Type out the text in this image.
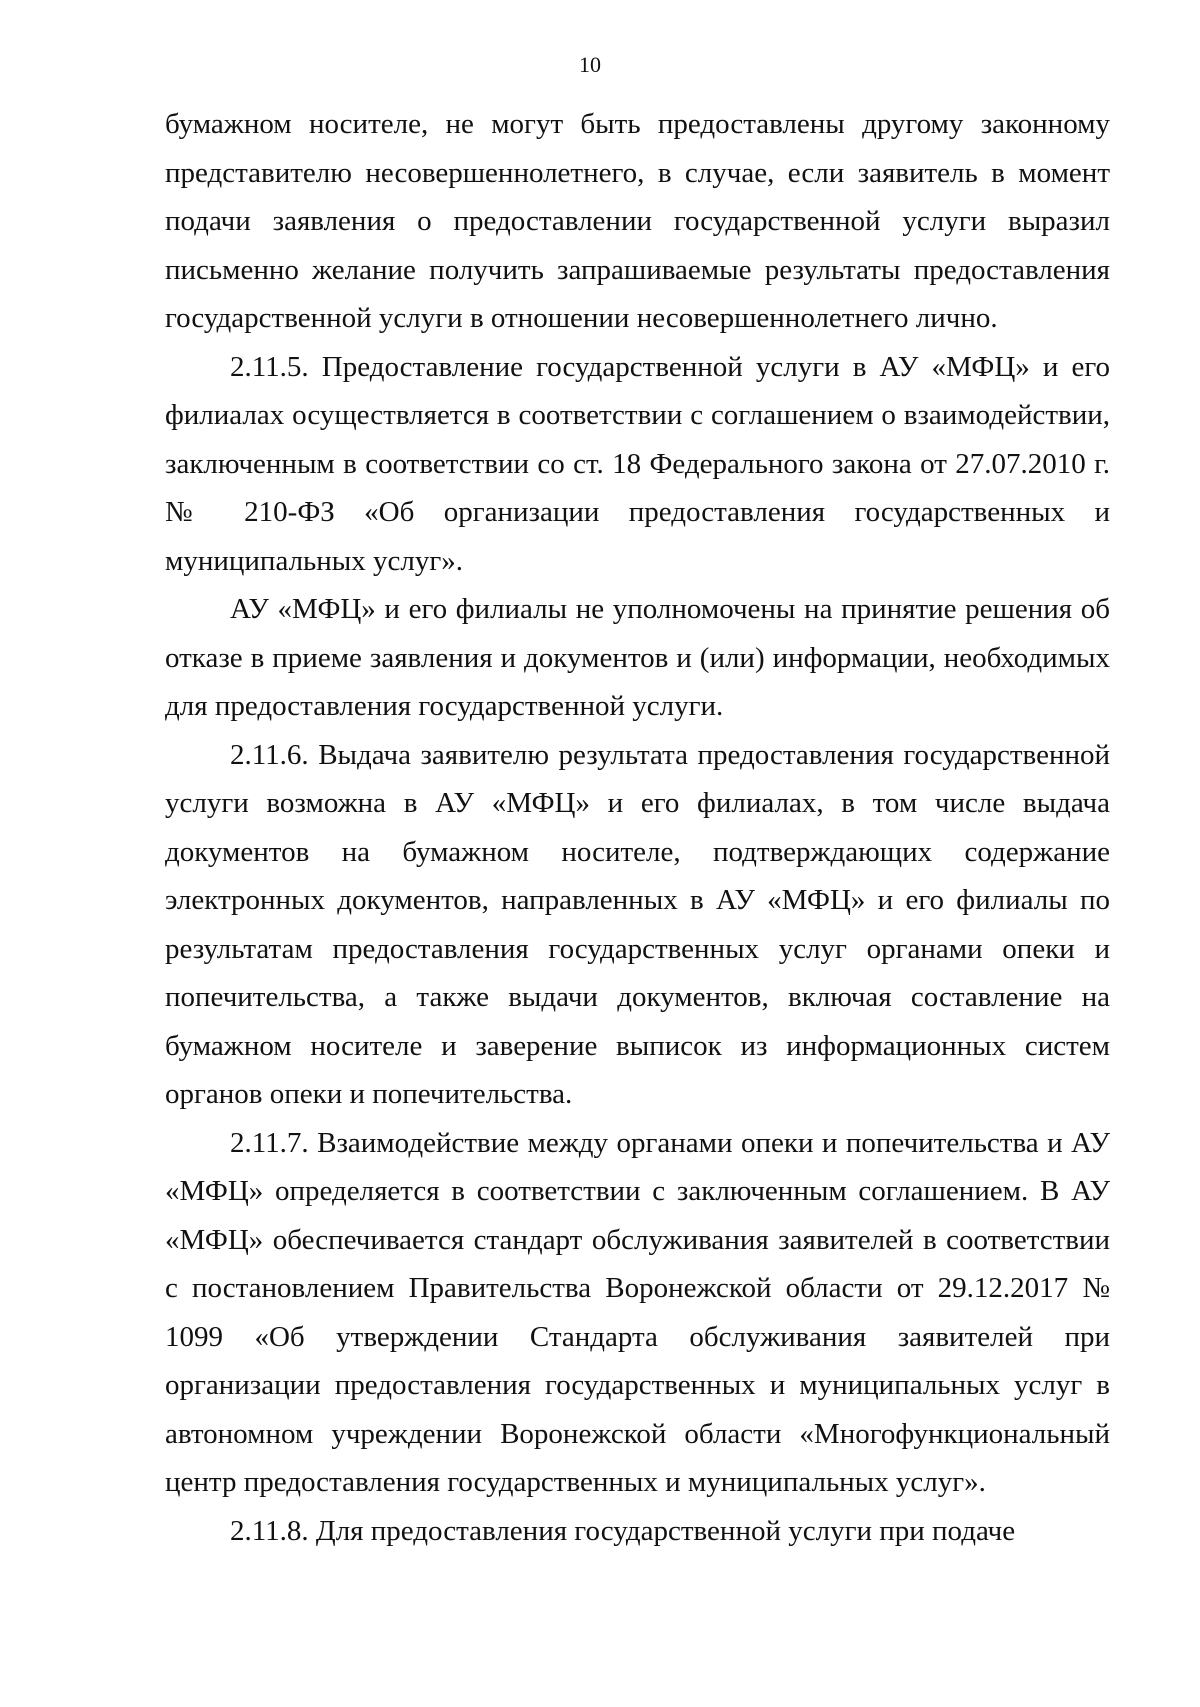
10

бумажном носителе, не могут быть предоставлены другому законному представителю несовершеннолетнего, в случае, если заявитель в момент подачи заявления о предоставлении государственной услуги выразил письменно желание получить запрашиваемые результаты предоставления государственной услуги в отношении несовершеннолетнего лично.

2.11.5. Предоставление государственной услуги в АУ «МФЦ» и его филиалах осуществляется в соответствии с соглашением о взаимодействии, заключенным в соответствии со ст. 18 Федерального закона от 27.07.2010 г. № 210-ФЗ «Об организации предоставления государственных и муниципальных услуг».

АУ «МФЦ» и его филиалы не уполномочены на принятие решения об отказе в приеме заявления и документов и (или) информации, необходимых для предоставления государственной услуги.

2.11.6. Выдача заявителю результата предоставления государственной услуги возможна в АУ «МФЦ» и его филиалах, в том числе выдача документов на бумажном носителе, подтверждающих содержание электронных документов, направленных в АУ «МФЦ» и его филиалы по результатам предоставления государственных услуг органами опеки и попечительства, а также выдачи документов, включая составление на бумажном носителе и заверение выписок из информационных систем органов опеки и попечительства.

2.11.7. Взаимодействие между органами опеки и попечительства и АУ «МФЦ» определяется в соответствии с заключенным соглашением. В АУ «МФЦ» обеспечивается стандарт обслуживания заявителей в соответствии с постановлением Правительства Воронежской области от 29.12.2017 № 1099 «Об утверждении Стандарта обслуживания заявителей при организации предоставления государственных и муниципальных услуг в автономном учреждении Воронежской области «Многофункциональный центр предоставления государственных и муниципальных услуг».

2.11.8. Для предоставления государственной услуги при подаче
